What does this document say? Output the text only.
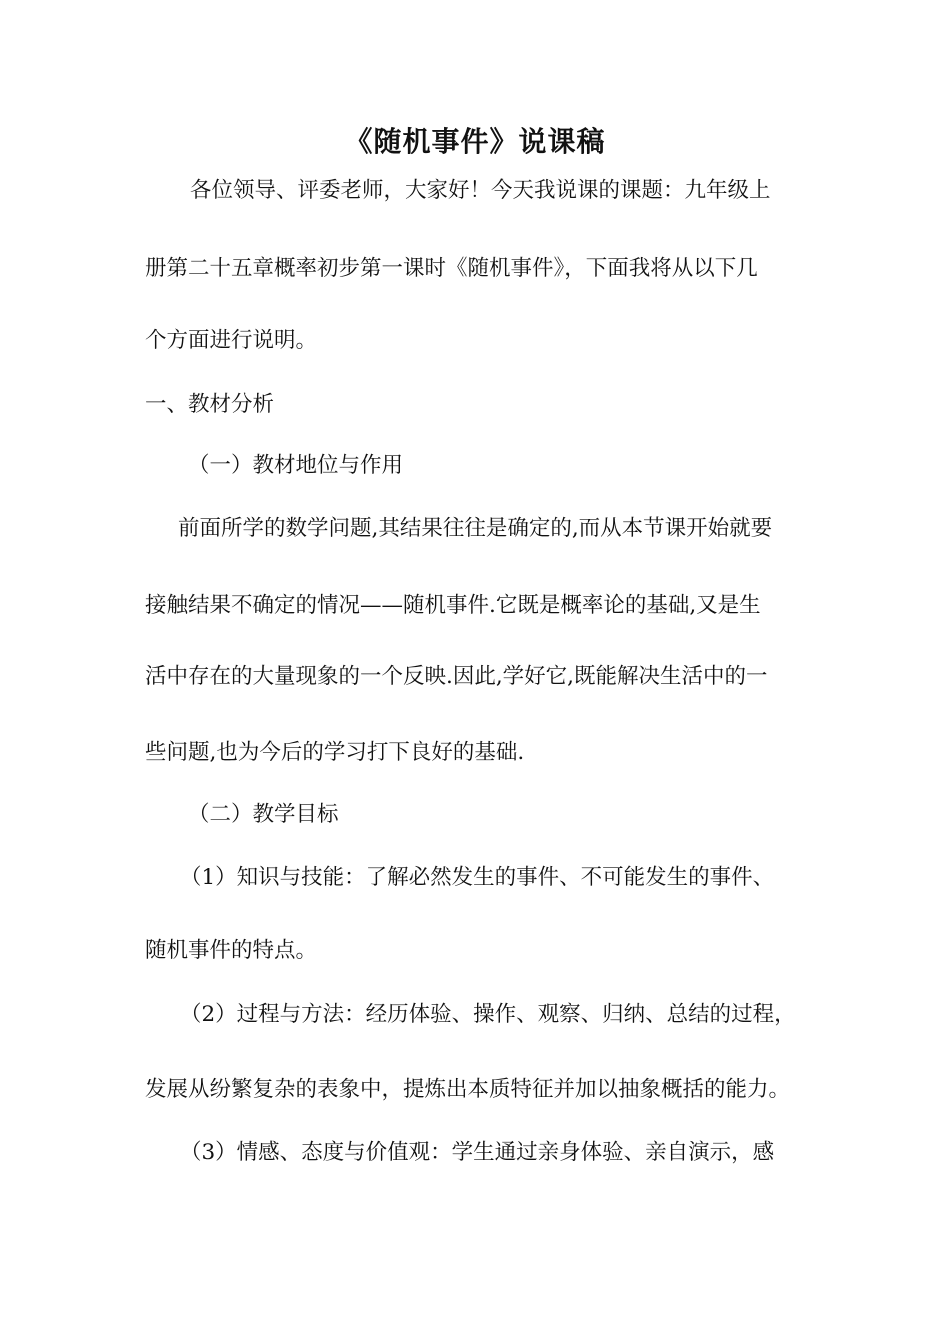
《随机事件》说课稿
各位领导、评委老师，大家好！今天我说课的课题：九年级上
册第二十五章概率初步第一课时《随机事件》，下面我将从以下几
个方面进行说明。
一、教材分析
（一）教材地位与作用
前面所学的数学问题,其结果往往是确定的,而从本节课开始就要
接触结果不确定的情况——随机事件.它既是概率论的基础,又是生
活中存在的大量现象的一个反映.因此,学好它,既能解决生活中的一
些问题,也为今后的学习打下良好的基础.
（二）教学目标
（1）知识与技能：了解必然发生的事件、不可能发生的事件、
随机事件的特点。
（2）过程与方法：经历体验、操作、观察、归纳、总结的过程，
发展从纷繁复杂的表象中，提炼出本质特征并加以抽象概括的能力。
（3）情感、态度与价值观：学生通过亲身体验、亲自演示，感
